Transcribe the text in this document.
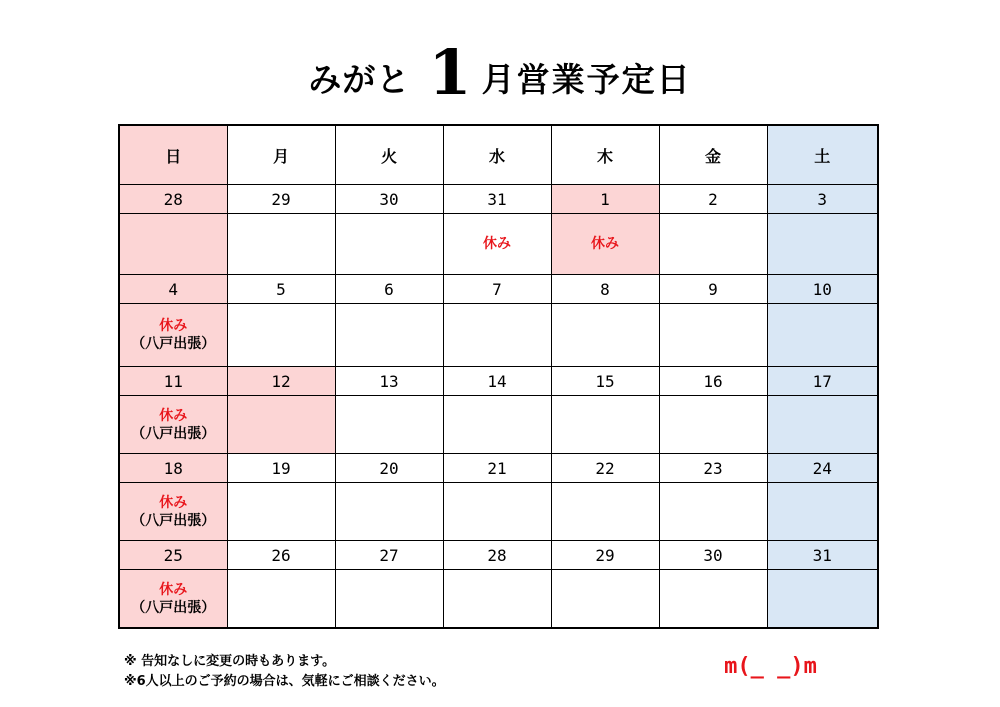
みがと 1 月営業予定日
日	月	火	水	木	金	土
28	29	30	31	1	2	3

			休み	休み		

4	5	6	7	8	9	10

休み
（八戸出張）						

11	12	13	14	15	16	17

休み
（八戸出張）						

18	19	20	21	22	23	24

休み
（八戸出張）						

25	26	27	28	29	30	31

休み
（八戸出張）						

※ 告知なしに変更の時もあります。
※6人以上のご予約の場合は、気軽にご相談ください。
m(_ _)m
